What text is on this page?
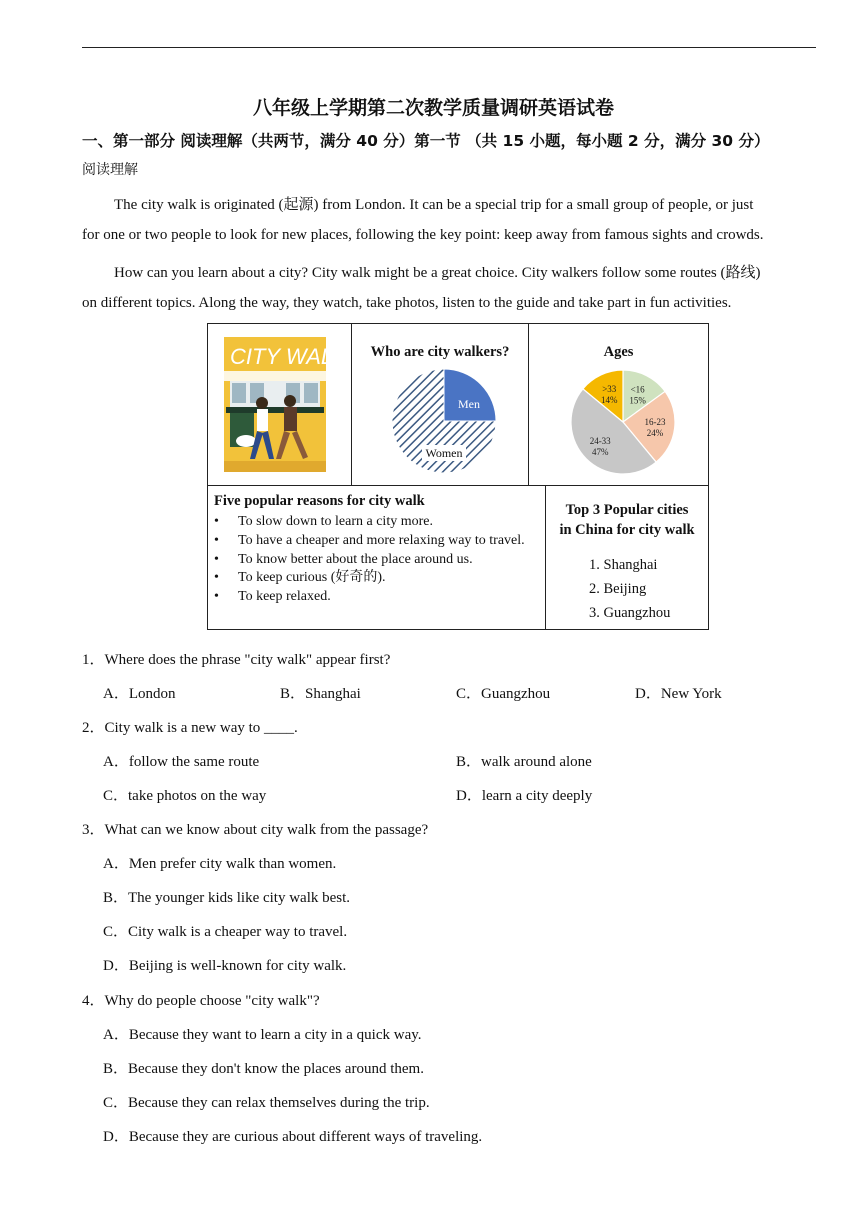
八年级上学期第二次教学质量调研英语试卷
一、第一部分 阅读理解（共两节，满分 40 分）第一节 （共 15 小题，每小题 2 分，满分 30 分）
阅读理解
The city walk is originated (起源) from London. It can be a special trip for a small group of people, or just
for one or two people to look for new places, following the key point: keep away from famous sights and crowds.
How can you learn about a city? City walk might be a great choice. City walkers follow some routes (路线)
on different topics. Along the way, they watch, take photos, listen to the guide and take part in fun activities.
CITY WALK	Who are city walkers?
Men
Women
Ages
<16
15%
16-23
24%
24-33
47%
>33
14%
Five popular reasons for city walk
• To slow down to learn a city more.
• To have a cheaper and more relaxing way to travel.
• To know better about the place around us.
• To keep curious (好奇的).
• To keep relaxed.
Top 3 Popular cities
in China for city walk
1. Shanghai
2. Beijing
3. Guangzhou
1．Where does the phrase "city walk" appear first?
A．London	B．Shanghai	C．Guangzhou	D．New York
2．City walk is a new way to ____.
A．follow the same route	B．walk around alone
C．take photos on the way	D．learn a city deeply
3．What can we know about city walk from the passage?
A．Men prefer city walk than women.
B．The younger kids like city walk best.
C．City walk is a cheaper way to travel.
D．Beijing is well-known for city walk.
4．Why do people choose "city walk"?
A．Because they want to learn a city in a quick way.
B．Because they don't know the places around them.
C．Because they can relax themselves during the trip.
D．Because they are curious about different ways of traveling.
